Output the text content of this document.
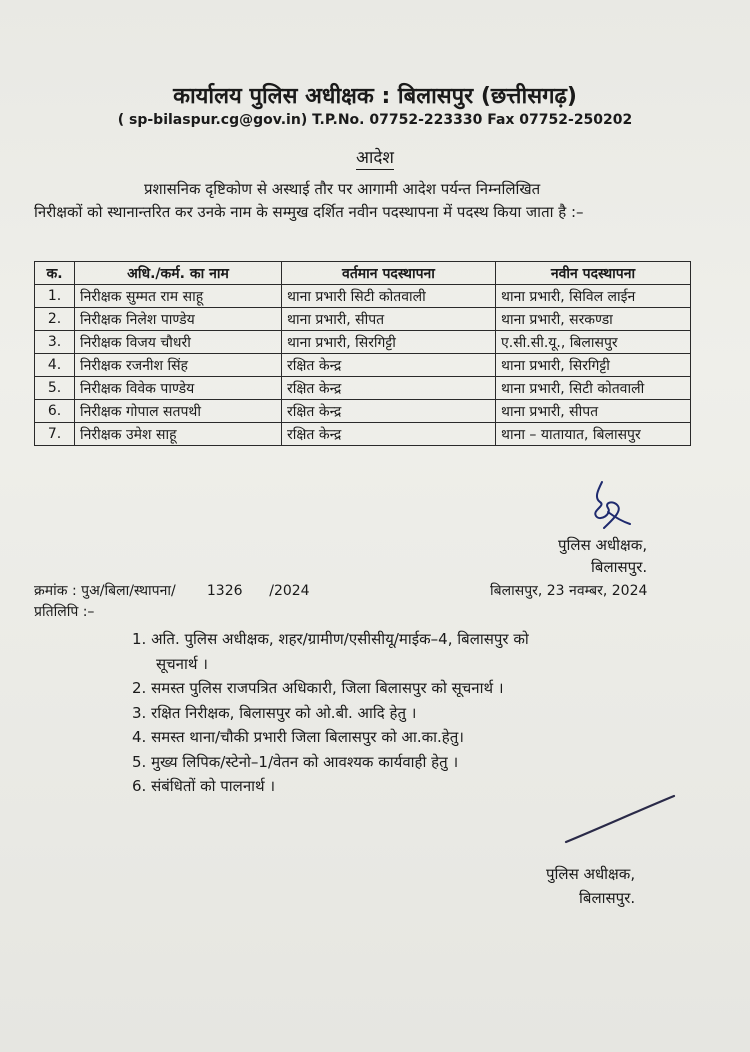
कार्यालय पुलिस अधीक्षक : बिलासपुर (छत्तीसगढ़)
( sp-bilaspur.cg@gov.in) T.P.No. 07752-223330 Fax 07752-250202
आदेश
प्रशासनिक दृष्टिकोण से अस्थाई तौर पर आगामी आदेश पर्यन्त निम्नलिखित
निरीक्षकों को स्थानान्तरित कर उनके नाम के सम्मुख दर्शित नवीन पदस्थापना में पदस्थ किया जाता है :–
क.	अधि./कर्म. का नाम	वर्तमान पदस्थापना	नवीन पदस्थापना
1.	निरीक्षक सुम्मत राम साहू	थाना प्रभारी सिटी कोतवाली	थाना प्रभारी, सिविल लाईन
2.	निरीक्षक निलेश पाण्डेय	थाना प्रभारी, सीपत	थाना प्रभारी, सरकण्डा
3.	निरीक्षक विजय चौधरी	थाना प्रभारी, सिरगिट्टी	ए.सी.सी.यू., बिलासपुर
4.	निरीक्षक रजनीश सिंह	रक्षित केन्द्र	थाना प्रभारी, सिरगिट्टी
5.	निरीक्षक विवेक पाण्डेय	रक्षित केन्द्र	थाना प्रभारी, सिटी कोतवाली
6.	निरीक्षक गोपाल सतपथी	रक्षित केन्द्र	थाना प्रभारी, सीपत
7.	निरीक्षक उमेश साहू	रक्षित केन्द्र	थाना – यातायात, बिलासपुर
पुलिस अधीक्षक,
बिलासपुर.
क्रमांक : पुअ/बिला/स्थापना/       1326      /2024	बिलासपुर, 23 नवम्बर, 2024
प्रतिलिपि :–
1. अति. पुलिस अधीक्षक, शहर/ग्रामीण/एसीसीयू/माईक–4, बिलासपुर को
सूचनार्थ ।
2. समस्त पुलिस राजपत्रित अधिकारी, जिला बिलासपुर को सूचनार्थ ।
3. रक्षित निरीक्षक, बिलासपुर को ओ.बी. आदि हेतु ।
4. समस्त थाना/चौकी प्रभारी जिला बिलासपुर को आ.का.हेतु।
5. मुख्य लिपिक/स्टेनो–1/वेतन को आवश्यक कार्यवाही हेतु ।
6. संबंधितों को पालनार्थ ।
पुलिस अधीक्षक,
बिलासपुर.
